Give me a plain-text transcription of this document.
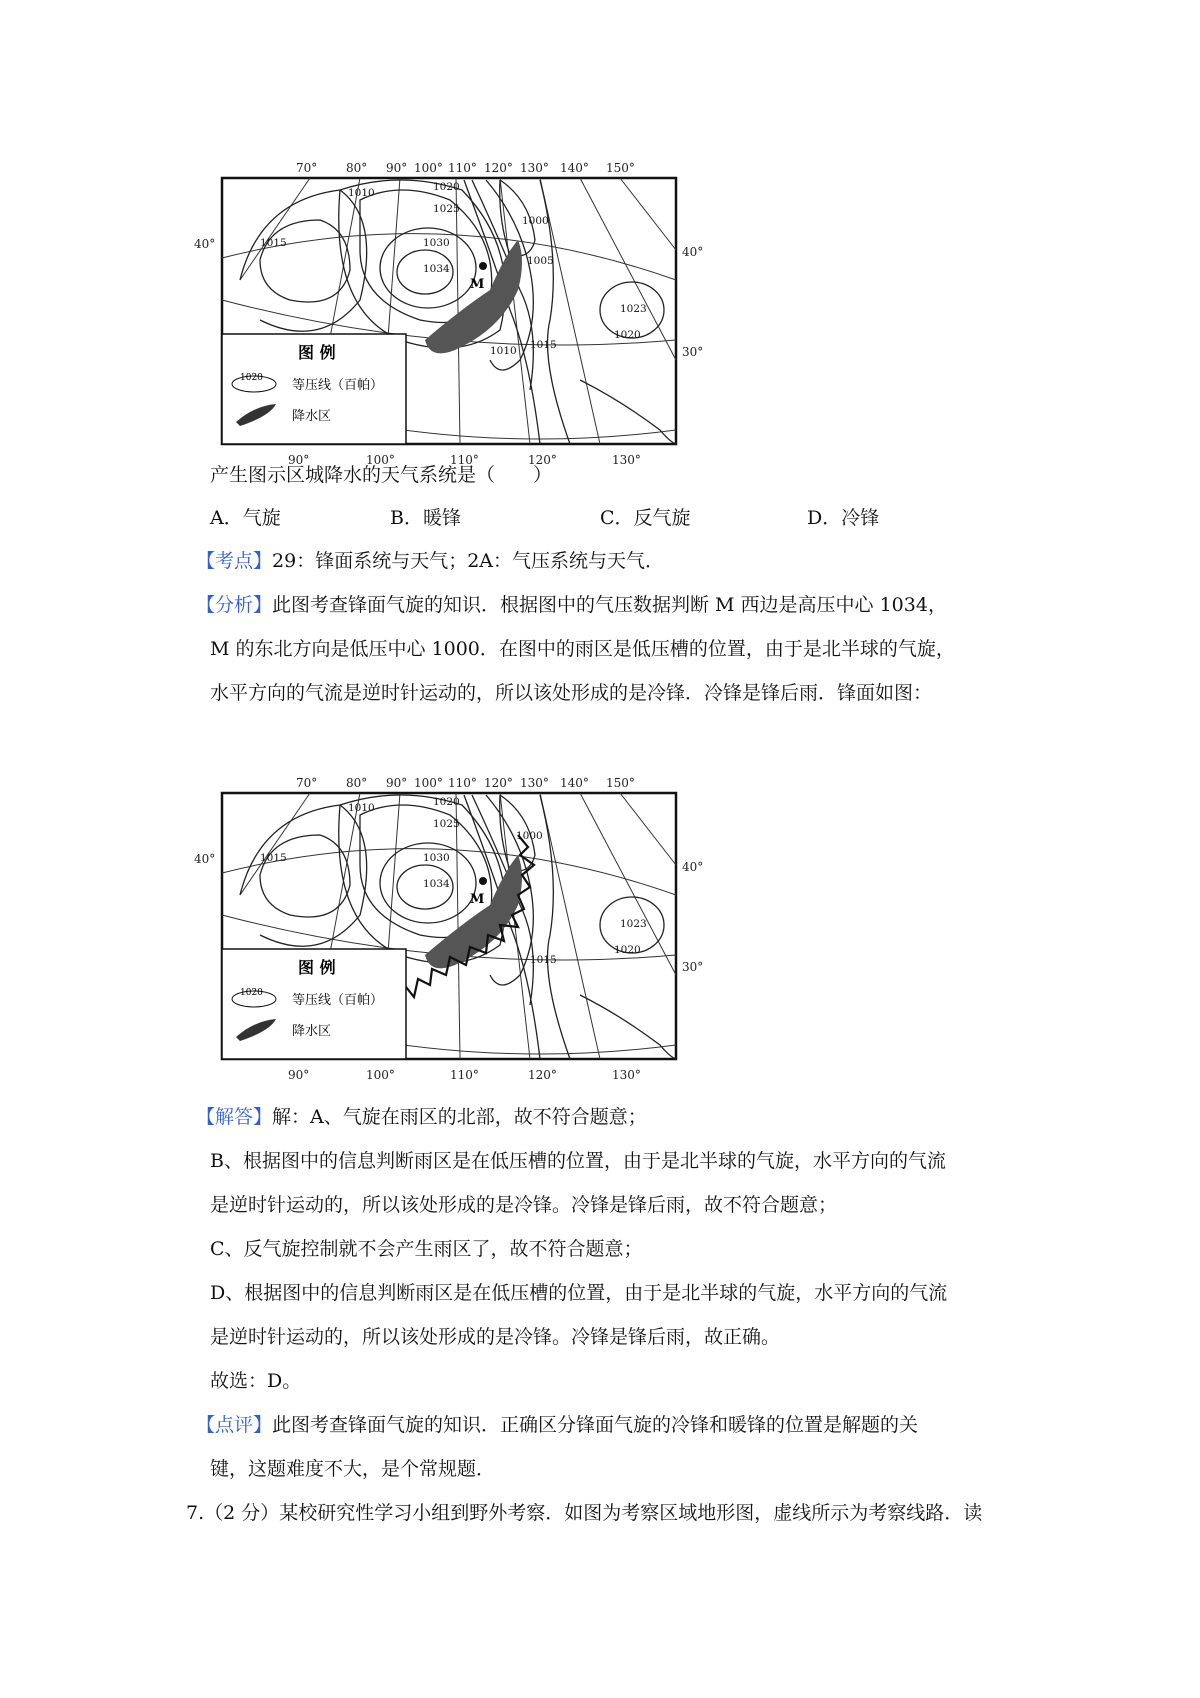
70° 80° 90° 100° 110° 120° 130° 140° 150°
90°	100°	110°	120°	130°
40°
40°
30°
M
1010	1020
1025
1000
1015	1030
1034
1005
1023
1020
1010 1015
图 例
1020 等压线（百帕）
降水区
产生图示区城降水的天气系统是（　　）
A．气旋	B．暖锋	C．反气旋	D．冷锋
【考点】29：锋面系统与天气；2A：气压系统与天气．
【分析】此图考查锋面气旋的知识．根据图中的气压数据判断 M 西边是高压中心 1034，
M 的东北方向是低压中心 1000．在图中的雨区是低压槽的位置，由于是北半球的气旋，
水平方向的气流是逆时针运动的，所以该处形成的是冷锋．冷锋是锋后雨．锋面如图：
70° 80° 90° 100° 110° 120° 130° 140° 150°
90°	100°	110°	120°	130°
40°
40°
30°
M
1010	1020
1025
1000
1015	1030
1034
1023
1020
1015
图 例
1020 等压线（百帕）
降水区
【解答】解：A、气旋在雨区的北部，故不符合题意；
B、根据图中的信息判断雨区是在低压槽的位置，由于是北半球的气旋，水平方向的气流
是逆时针运动的，所以该处形成的是冷锋。冷锋是锋后雨，故不符合题意；
C、反气旋控制就不会产生雨区了，故不符合题意；
D、根据图中的信息判断雨区是在低压槽的位置，由于是北半球的气旋，水平方向的气流
是逆时针运动的，所以该处形成的是冷锋。冷锋是锋后雨，故正确。
故选：D。
【点评】此图考查锋面气旋的知识．正确区分锋面气旋的冷锋和暖锋的位置是解题的关
键，这题难度不大，是个常规题．
7.（2 分）某校研究性学习小组到野外考察．如图为考察区域地形图，虚线所示为考察线路．读
